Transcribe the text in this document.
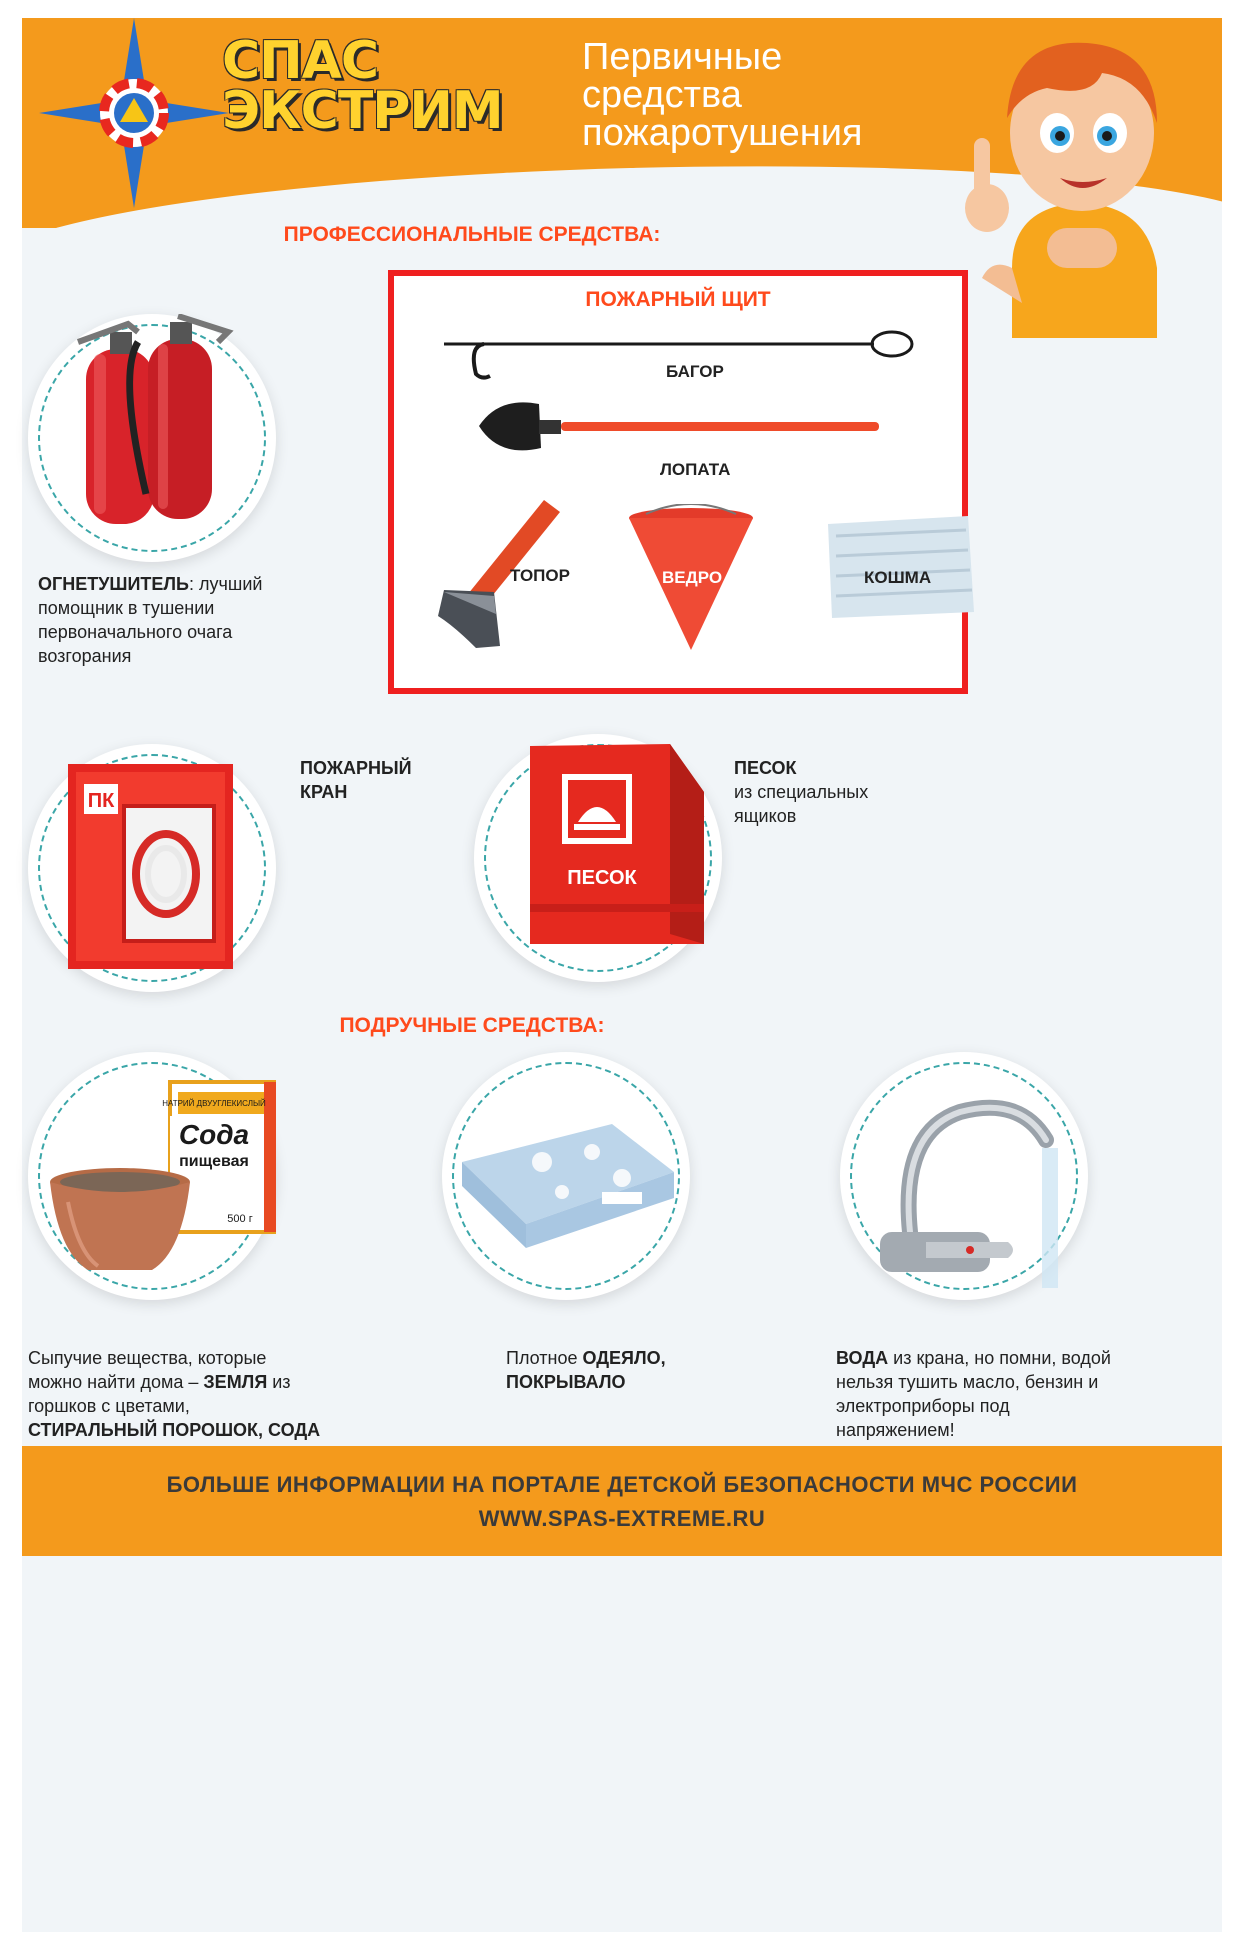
СПАС
ЭКСТРИМ
Первичные
средства
пожаротушения
ПРОФЕССИОНАЛЬНЫЕ СРЕДСТВА:
ОГНЕТУШИТЕЛЬ: лучший
помощник в тушении
первоначального очага
возгорания
ПОЖАРНЫЙ ЩИТ
БАГОР
ЛОПАТА
ТОПОР	ВЕДРО	КОШМА
ПК
ПОЖАРНЫЙ
КРАН
ПЕСОК
ПЕСОК
из специальных
ящиков
ПОДРУЧНЫЕ СРЕДСТВА:
НАТРИЙ ДВУУГЛЕКИСЛЫЙ
Сода
пищевая
500 г
Сыпучие вещества, которые
можно найти дома – ЗЕМЛЯ из
горшков с цветами,
СТИРАЛЬНЫЙ ПОРОШОК, СОДА
Плотное ОДЕЯЛО,
ПОКРЫВАЛО
ВОДА из крана, но помни, водой
нельзя тушить масло, бензин и
электроприборы под
напряжением!
БОЛЬШЕ ИНФОРМАЦИИ НА ПОРТАЛЕ ДЕТСКОЙ БЕЗОПАСНОСТИ МЧС РОССИИ
WWW.SPAS-EXTREME.RU
